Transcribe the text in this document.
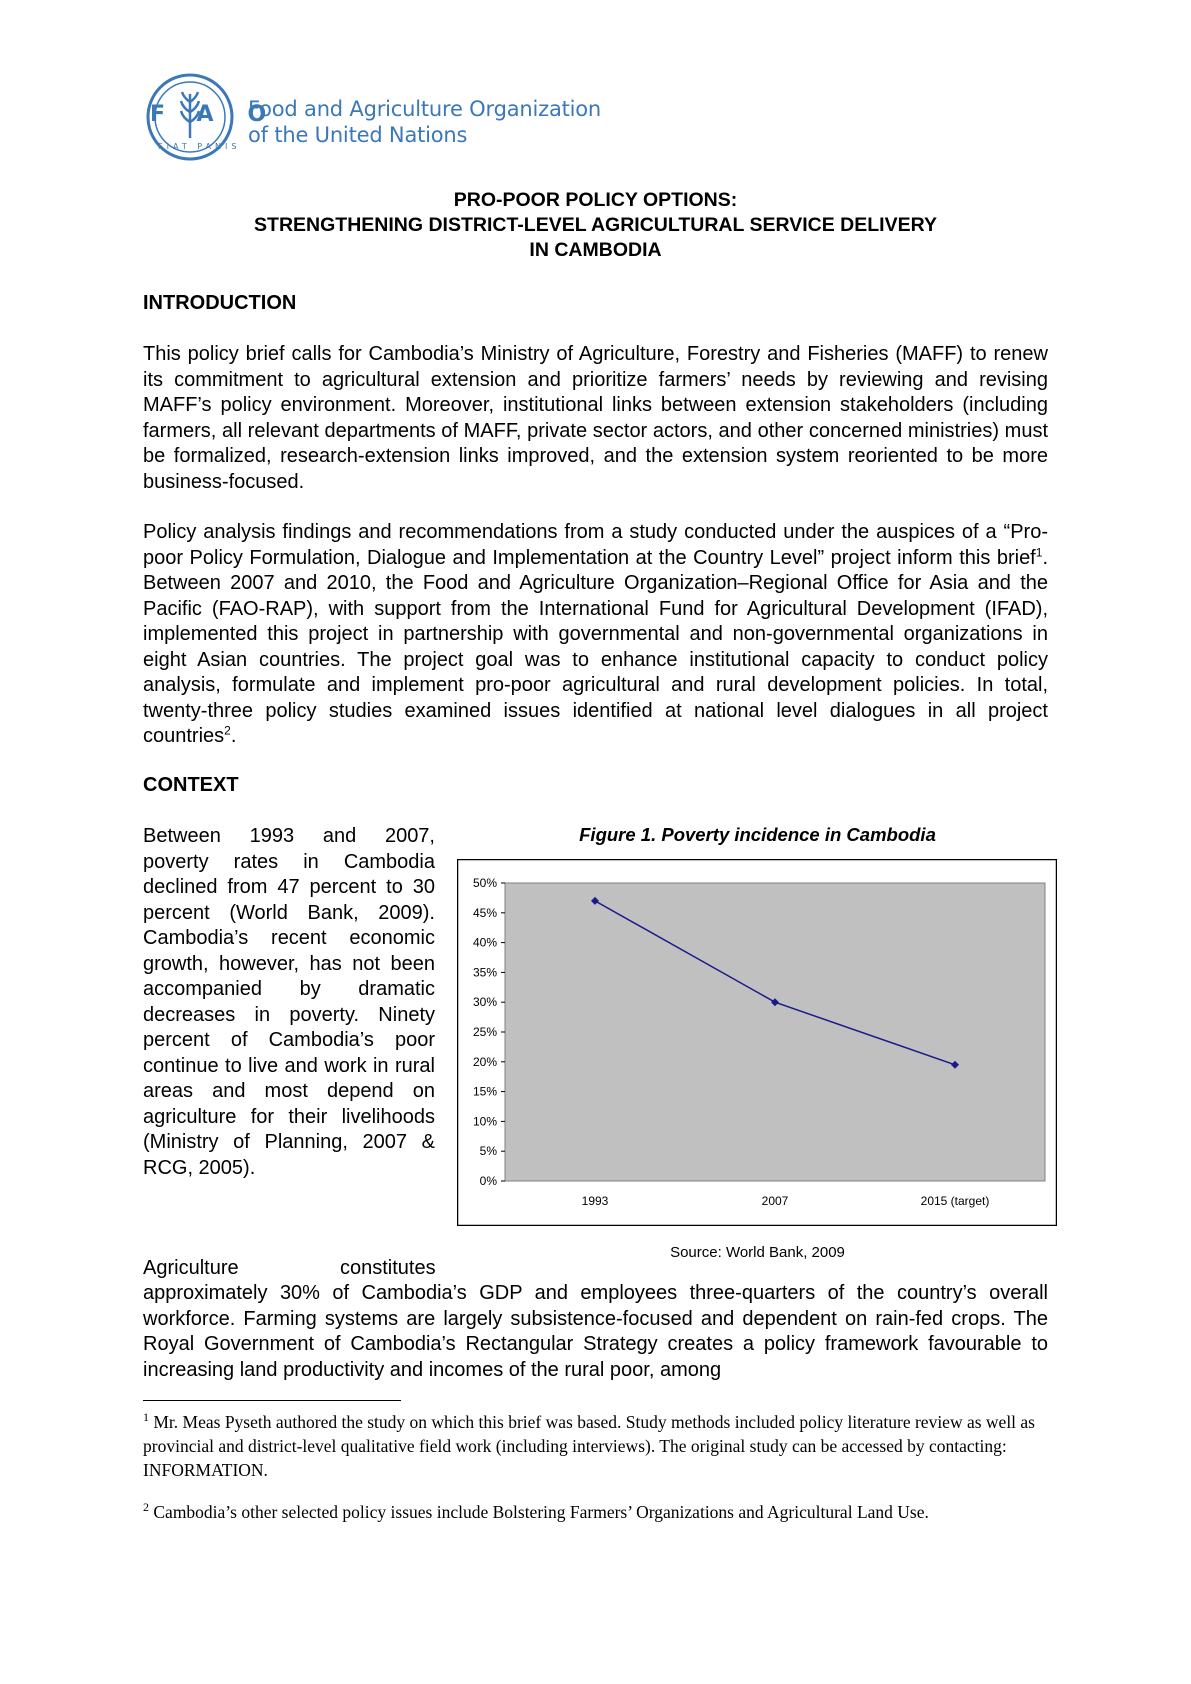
FAO
FIAT PANIS
Food and Agriculture Organization
of the United Nations
PRO-POOR POLICY OPTIONS:
STRENGTHENING DISTRICT-LEVEL AGRICULTURAL SERVICE DELIVERY
IN CAMBODIA
INTRODUCTION

This policy brief calls for Cambodia’s Ministry of Agriculture, Forestry and Fisheries (MAFF) to renew its commitment to agricultural extension and prioritize farmers’ needs by reviewing and revising MAFF’s policy environment. Moreover, institutional links between extension stakeholders (including farmers, all relevant departments of MAFF, private sector actors, and other concerned ministries) must be formalized, research-extension links improved, and the extension system reoriented to be more business-focused.

Policy analysis findings and recommendations from a study conducted under the auspices of a “Pro-poor Policy Formulation, Dialogue and Implementation at the Country Level” project inform this brief$^1$. Between 2007 and 2010, the Food and Agriculture Organization–Regional Office for Asia and the Pacific (FAO-RAP), with support from the International Fund for Agricultural Development (IFAD), implemented this project in partnership with governmental and non-governmental organizations in eight Asian countries. The project goal was to enhance institutional capacity to conduct policy analysis, formulate and implement pro-poor agricultural and rural development policies. In total, twenty-three policy studies examined issues identified at national level dialogues in all project countries$^2$.

CONTEXT
Between 1993 and 2007, poverty rates in Cambodia declined from 47 percent to 30 percent (World Bank, 2009). Cambodia’s recent economic growth, however, has not been accompanied by dramatic decreases in poverty. Ninety percent of Cambodia’s poor continue to live and work in rural areas and most depend on agriculture for their livelihoods (Ministry of Planning, 2007 & RCG, 2005).
Agriculture	constitutes
approximately 30% of Cambodia’s GDP and employees three-quarters of the country’s overall workforce. Farming systems are largely subsistence-focused and dependent on rain-fed crops. The Royal Government of Cambodia’s Rectangular Strategy creates a policy framework favourable to increasing land productivity and incomes of the rural poor, among
Figure 1. Poverty incidence in Cambodia
0%
5%
10%
15%
20%
25%
30%
35%
40%
45%
50%
1993	2007	2015 (target)
Source: World Bank, 2009

$^1$ Mr. Meas Pyseth authored the study on which this brief was based. Study methods included policy literature review as well as provincial and district-level qualitative field work (including interviews). The original study can be accessed by contacting: INFORMATION.

$^2$ Cambodia’s other selected policy issues include Bolstering Farmers’ Organizations and Agricultural Land Use.
